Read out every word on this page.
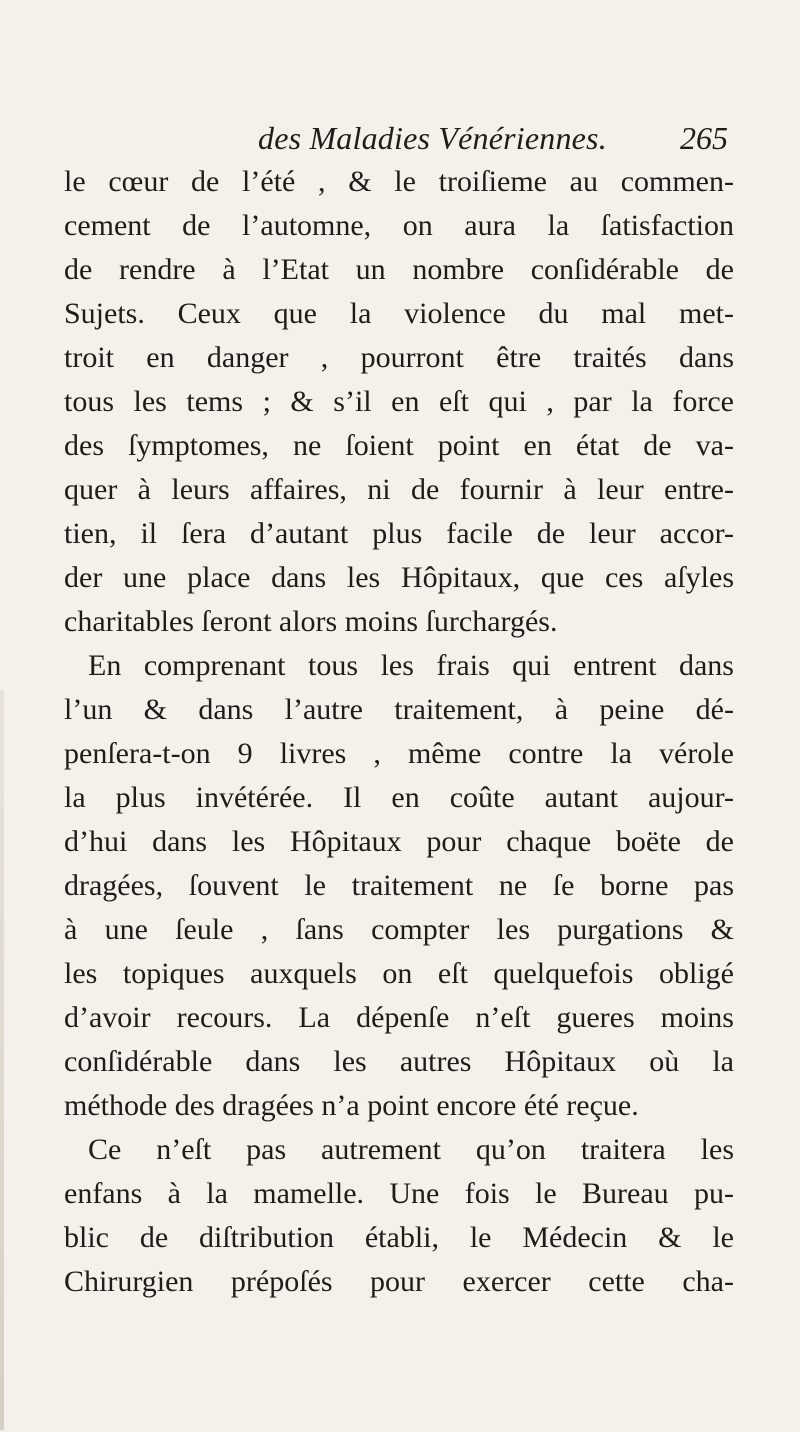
des Maladies Vénériennes. 265
le cœur de l’été , & le troiſieme au commen-
cement de l’automne, on aura la ſatisfaction
de rendre à l’Etat un nombre conſidérable de
Sujets. Ceux que la violence du mal met-
troit en danger , pourront être traités dans
tous les tems ; & s’il en eſt qui , par la force
des ſymptomes, ne ſoient point en état de va-
quer à leurs affaires, ni de fournir à leur entre-
tien, il ſera d’autant plus facile de leur accor-
der une place dans les Hôpitaux, que ces aſyles
charitables ſeront alors moins ſurchargés.
En comprenant tous les frais qui entrent dans
l’un & dans l’autre traitement, à peine dé-
penſera-t-on 9 livres , même contre la vérole
la plus invétérée. Il en coûte autant aujour-
d’hui dans les Hôpitaux pour chaque boëte de
dragées, ſouvent le traitement ne ſe borne pas
à une ſeule , ſans compter les purgations &
les topiques auxquels on eſt quelquefois obligé
d’avoir recours. La dépenſe n’eſt gueres moins
conſidérable dans les autres Hôpitaux où la
méthode des dragées n’a point encore été reçue.
Ce n’eſt pas autrement qu’on traitera les
enfans à la mamelle. Une fois le Bureau pu-
blic de diſtribution établi, le Médecin & le
Chirurgien prépoſés pour exercer cette cha-
